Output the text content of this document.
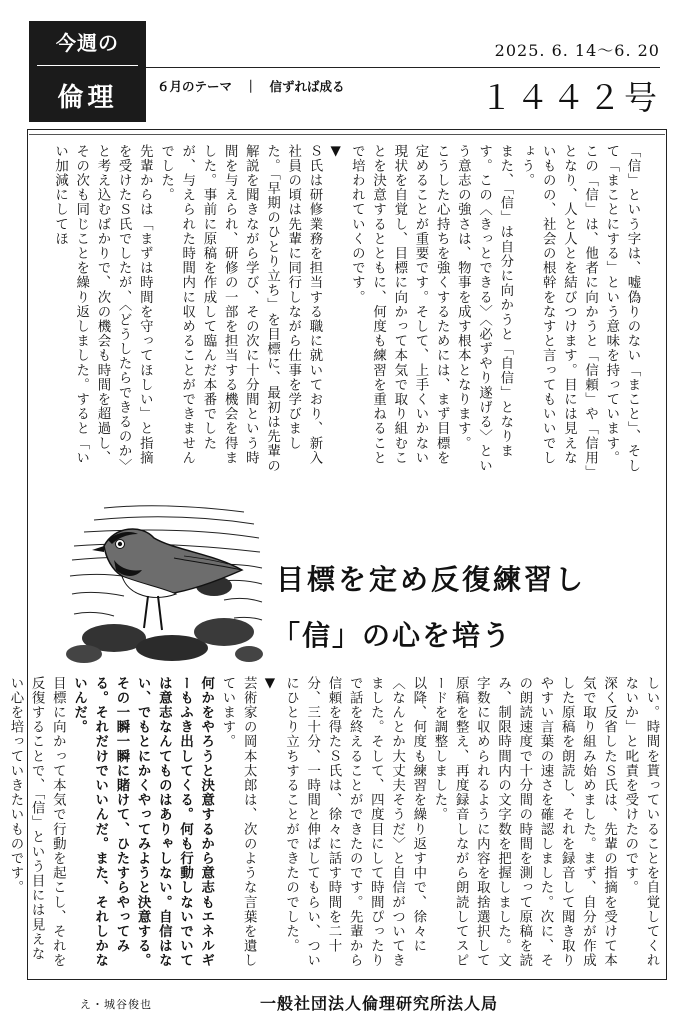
今週の
倫理
2025. 6. 14～6. 20
６月のテーマ　｜　信ずれば成る	１４４２号
「信」という字は、嘘偽りのない「まこと」、そして「まことにする」という意味を持っています。
この「信」は、他者に向かうと「信頼」や「信用」となり、人と人とを結びつけます。目には見えないものの、社会の根幹をなすと言ってもいいでしょう。
また、「信」は自分に向かうと「自信」となります。この〈きっとできる〉〈必ずやり遂げる〉という意志の強さは、物事を成す根本となります。
こうした心持ちを強くするためには、まず目標を定めることが重要です。そして、上手くいかない現状を自覚し、目標に向かって本気で取り組むことを決意するとともに、何度も練習を重ねることで培われていくのです。
▼
Ｓ氏は研修業務を担当する職に就いており、新入社員の頃は先輩に同行しながら仕事を学びました。「早期のひとり立ち」を目標に、最初は先輩の解説を聞きながら学び、その次に十分間という時間を与えられ、研修の一部を担当する機会を得ました。事前に原稿を作成して臨んだ本番でしたが、与えられた時間内に収めることができませんでした。
先輩からは「まずは時間を守ってほしい」と指摘を受けたＳ氏でしたが、〈どうしたらできるのか〉と考え込むばかりで、次の機会も時間を超過し、その次も同じことを繰り返しました。すると「いい加減にしてほ
目標を定め反復練習し
「信」の心を培う
しい。時間を貰っていることを自覚してくれないか」と叱責を受けたのです。
深く反省したＳ氏は、先輩の指摘を受けて本気で取り組み始めました。まず、自分が作成した原稿を朗読し、それを録音して聞き取りやすい言葉の速さを確認しました。次に、その朗読速度で十分間の時間を測って原稿を読み、制限時間内の文字数を把握しました。文字数に収められるように内容を取捨選択して原稿を整え、再度録音しながら朗読してスピードを調整しました。
以降、何度も練習を繰り返す中で、徐々に〈なんとか大丈夫そうだ〉と自信がついてきました。そして、四度目にして時間ぴったりで話を終えることができたのです。先輩から信頼を得たＳ氏は、徐々に話す時間を二十分、三十分、一時間と伸ばしてもらい、ついにひとり立ちすることができたのでした。
▼
芸術家の岡本太郎は、次のような言葉を遺しています。
何かをやろうと決意するから意志もエネルギーもふき出してくる。何も行動しないでいては意志なんてものはありゃしない。自信はない、でもとにかくやってみようと決意する。その一瞬一瞬に賭けて、ひたすらやってみる。それだけでいいんだ。また、それしかないんだ。
目標に向かって本気で行動を起こし、それを反復することで、「信」という目には見えない心を培っていきたいものです。
え・城谷俊也	一般社団法人倫理研究所法人局
